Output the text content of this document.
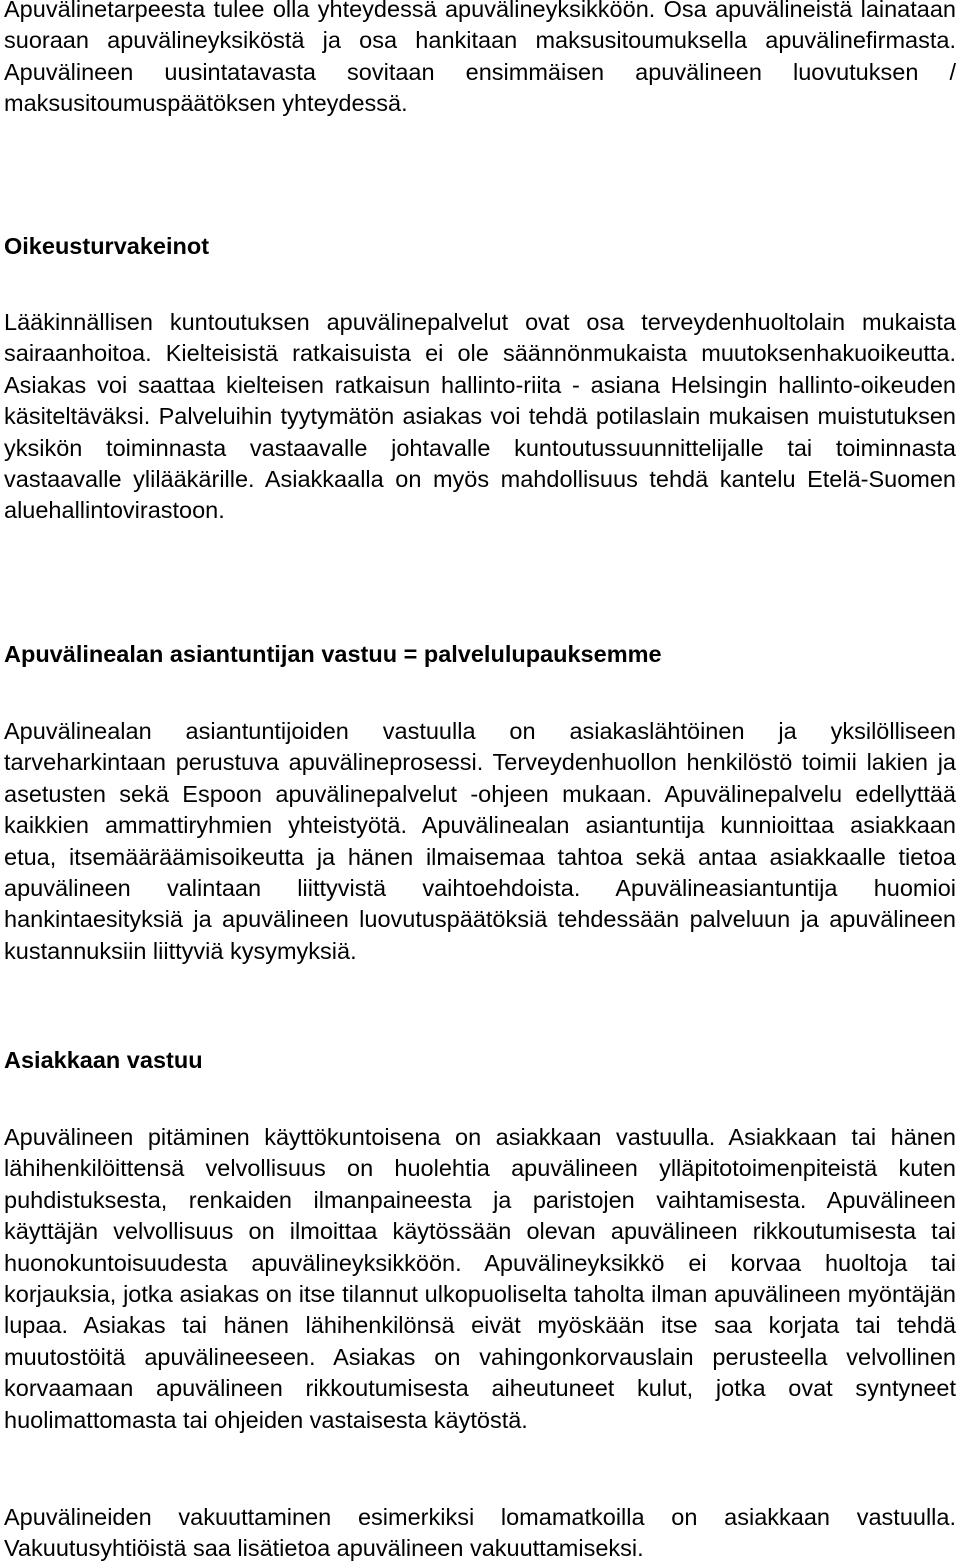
Apuvälinetarpeesta tulee olla yhteydessä apuvälineyksikköön. Osa apuvälineistä lainataan suoraan apuvälineyksiköstä ja osa hankitaan maksusitoumuksella apuvälinefirmasta. Apuvälineen uusintatavasta sovitaan ensimmäisen apuvälineen luovutuksen / maksusitoumuspäätöksen yhteydessä.

Oikeusturvakeinot

Lääkinnällisen kuntoutuksen apuvälinepalvelut ovat osa terveydenhuoltolain mukaista sairaanhoitoa. Kielteisistä ratkaisuista ei ole säännönmukaista muutoksenhakuoikeutta. Asiakas voi saattaa kielteisen ratkaisun hallinto-riita - asiana Helsingin hallinto-oikeuden käsiteltäväksi. Palveluihin tyytymätön asiakas voi tehdä potilaslain mukaisen muistutuksen yksikön toiminnasta vastaavalle johtavalle kuntoutussuunnittelijalle tai toiminnasta vastaavalle ylilääkärille. Asiakkaalla on myös mahdollisuus tehdä kantelu Etelä-Suomen aluehallintovirastoon.

Apuvälinealan asiantuntijan vastuu = palvelulupauksemme

Apuvälinealan asiantuntijoiden vastuulla on asiakaslähtöinen ja yksilölliseen tarveharkintaan perustuva apuvälineprosessi. Terveydenhuollon henkilöstö toimii lakien ja asetusten sekä Espoon apuvälinepalvelut -ohjeen mukaan. Apuvälinepalvelu edellyttää kaikkien ammattiryhmien yhteistyötä. Apuvälinealan asiantuntija kunnioittaa asiakkaan etua, itsemääräämisoikeutta ja hänen ilmaisemaa tahtoa sekä antaa asiakkaalle tietoa apuvälineen valintaan liittyvistä vaihtoehdoista. Apuvälineasiantuntija huomioi hankintaesityksiä ja apuvälineen luovutuspäätöksiä tehdessään palveluun ja apuvälineen kustannuksiin liittyviä kysymyksiä.

Asiakkaan vastuu

Apuvälineen pitäminen käyttökuntoisena on asiakkaan vastuulla. Asiakkaan tai hänen lähihenkilöittensä velvollisuus on huolehtia apuvälineen ylläpitotoimenpiteistä kuten puhdistuksesta, renkaiden ilmanpaineesta ja paristojen vaihtamisesta. Apuvälineen käyttäjän velvollisuus on ilmoittaa käytössään olevan apuvälineen rikkoutumisesta tai huonokuntoisuudesta apuvälineyksikköön. Apuvälineyksikkö ei korvaa huoltoja tai korjauksia, jotka asiakas on itse tilannut ulkopuoliselta taholta ilman apuvälineen myöntäjän lupaa. Asiakas tai hänen lähihenkilönsä eivät myöskään itse saa korjata tai tehdä muutostöitä apuvälineeseen. Asiakas on vahingonkorvauslain perusteella velvollinen korvaamaan apuvälineen rikkoutumisesta aiheutuneet kulut, jotka ovat syntyneet huolimattomasta tai ohjeiden vastaisesta käytöstä.

Apuvälineiden vakuuttaminen esimerkiksi lomamatkoilla on asiakkaan vastuulla. Vakuutusyhtiöistä saa lisätietoa apuvälineen vakuuttamiseksi.
